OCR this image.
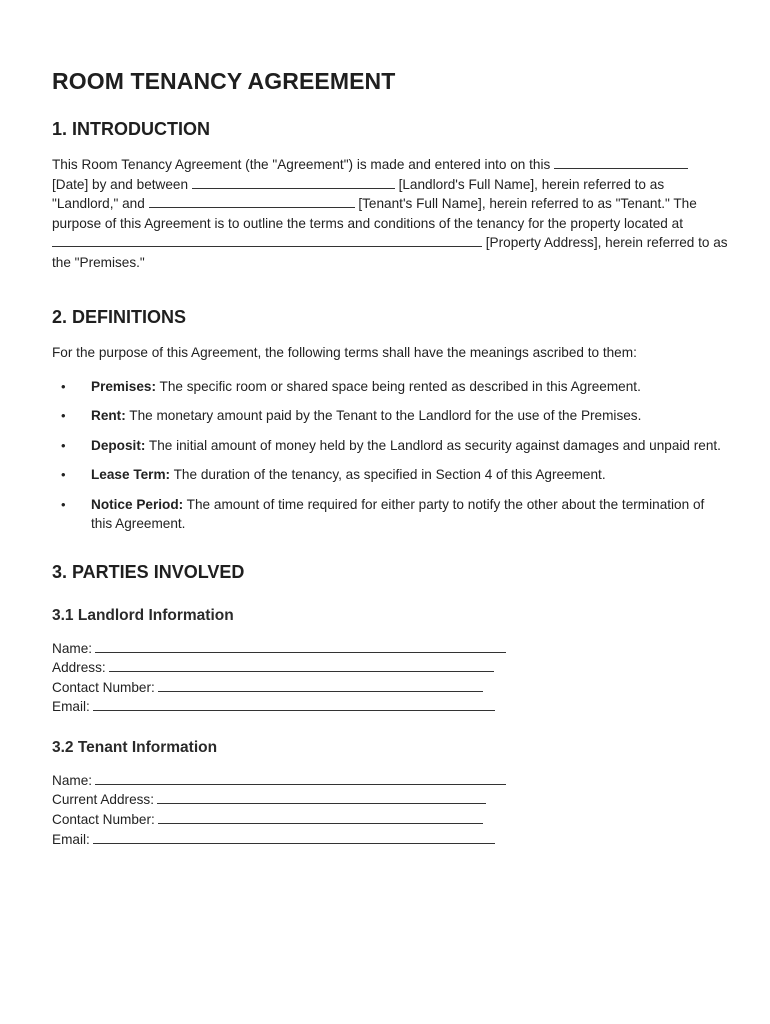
ROOM TENANCY AGREEMENT
1. INTRODUCTION

This Room Tenancy Agreement (the "Agreement") is made and entered into on this  [Date] by and between	[Landlord's Full Name], herein referred to as "Landlord," and	[Tenant's Full Name], herein referred to as "Tenant." The purpose of this Agreement is to outline the terms and conditions of the tenancy for the property located at  [Property Address], herein referred to as the "Premises."

2. DEFINITIONS

For the purpose of this Agreement, the following terms shall have the meanings ascribed to them:

• Premises: The specific room or shared space being rented as described in this Agreement.
• Rent: The monetary amount paid by the Tenant to the Landlord for the use of the Premises.
• Deposit: The initial amount of money held by the Landlord as security against damages and unpaid rent.
• Lease Term: The duration of the tenancy, as specified in Section 4 of this Agreement.
• Notice Period: The amount of time required for either party to notify the other about the termination of this Agreement.
3. PARTIES INVOLVED
3.1 Landlord Information
Name:
Address:
Contact Number:
Email:
3.2 Tenant Information
Name:
Current Address:
Contact Number:
Email:
